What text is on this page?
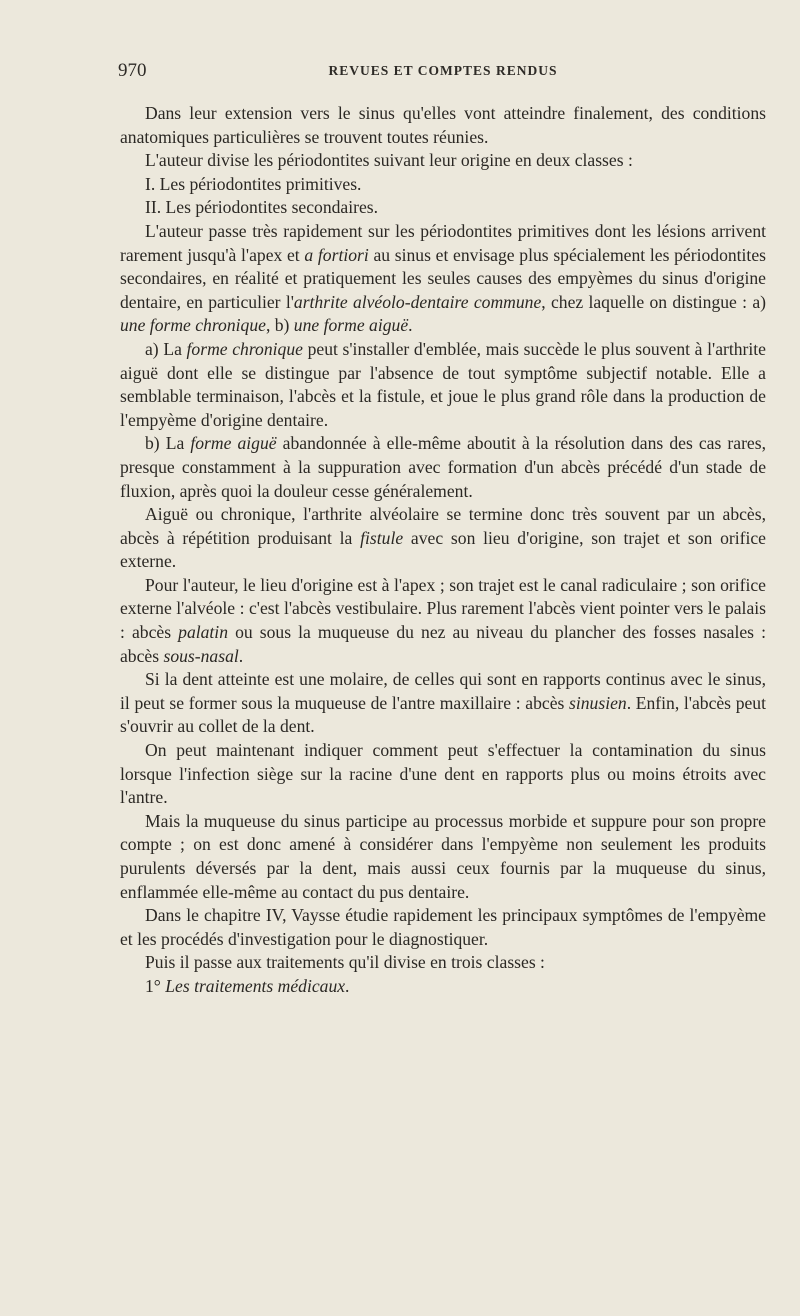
970	REVUES ET COMPTES RENDUS

Dans leur extension vers le sinus qu'elles vont atteindre finalement, des conditions anatomiques particulières se trouvent toutes réunies.

L'auteur divise les périodontites suivant leur origine en deux classes :

I. Les périodontites primitives.

II. Les périodontites secondaires.

L'auteur passe très rapidement sur les périodontites primitives dont les lésions arrivent rarement jusqu'à l'apex et a fortiori au sinus et envisage plus spécialement les périodontites secondaires, en réalité et pratiquement les seules causes des empyèmes du sinus d'origine dentaire, en particulier l'arthrite alvéolo-dentaire commune, chez laquelle on distingue : a) une forme chronique, b) une forme aiguë.

a) La forme chronique peut s'installer d'emblée, mais succède le plus souvent à l'arthrite aiguë dont elle se distingue par l'absence de tout symptôme subjectif notable. Elle a semblable terminaison, l'abcès et la fistule, et joue le plus grand rôle dans la production de l'empyème d'origine dentaire.

b) La forme aiguë abandonnée à elle-même aboutit à la résolution dans des cas rares, presque constamment à la suppuration avec formation d'un abcès précédé d'un stade de fluxion, après quoi la douleur cesse généralement.

Aiguë ou chronique, l'arthrite alvéolaire se termine donc très souvent par un abcès, abcès à répétition produisant la fistule avec son lieu d'origine, son trajet et son orifice externe.

Pour l'auteur, le lieu d'origine est à l'apex ; son trajet est le canal radiculaire ; son orifice externe l'alvéole : c'est l'abcès vestibulaire. Plus rarement l'abcès vient pointer vers le palais : abcès palatin ou sous la muqueuse du nez au niveau du plancher des fosses nasales : abcès sous-nasal.

Si la dent atteinte est une molaire, de celles qui sont en rapports continus avec le sinus, il peut se former sous la muqueuse de l'antre maxillaire : abcès sinusien. Enfin, l'abcès peut s'ouvrir au collet de la dent.

On peut maintenant indiquer comment peut s'effectuer la contamination du sinus lorsque l'infection siège sur la racine d'une dent en rapports plus ou moins étroits avec l'antre.

Mais la muqueuse du sinus participe au processus morbide et suppure pour son propre compte ; on est donc amené à considérer dans l'empyème non seulement les produits purulents déversés par la dent, mais aussi ceux fournis par la muqueuse du sinus, enflammée elle-même au contact du pus dentaire.

Dans le chapitre IV, Vaysse étudie rapidement les principaux symptômes de l'empyème et les procédés d'investigation pour le diagnostiquer.

Puis il passe aux traitements qu'il divise en trois classes :

1° Les traitements médicaux.
